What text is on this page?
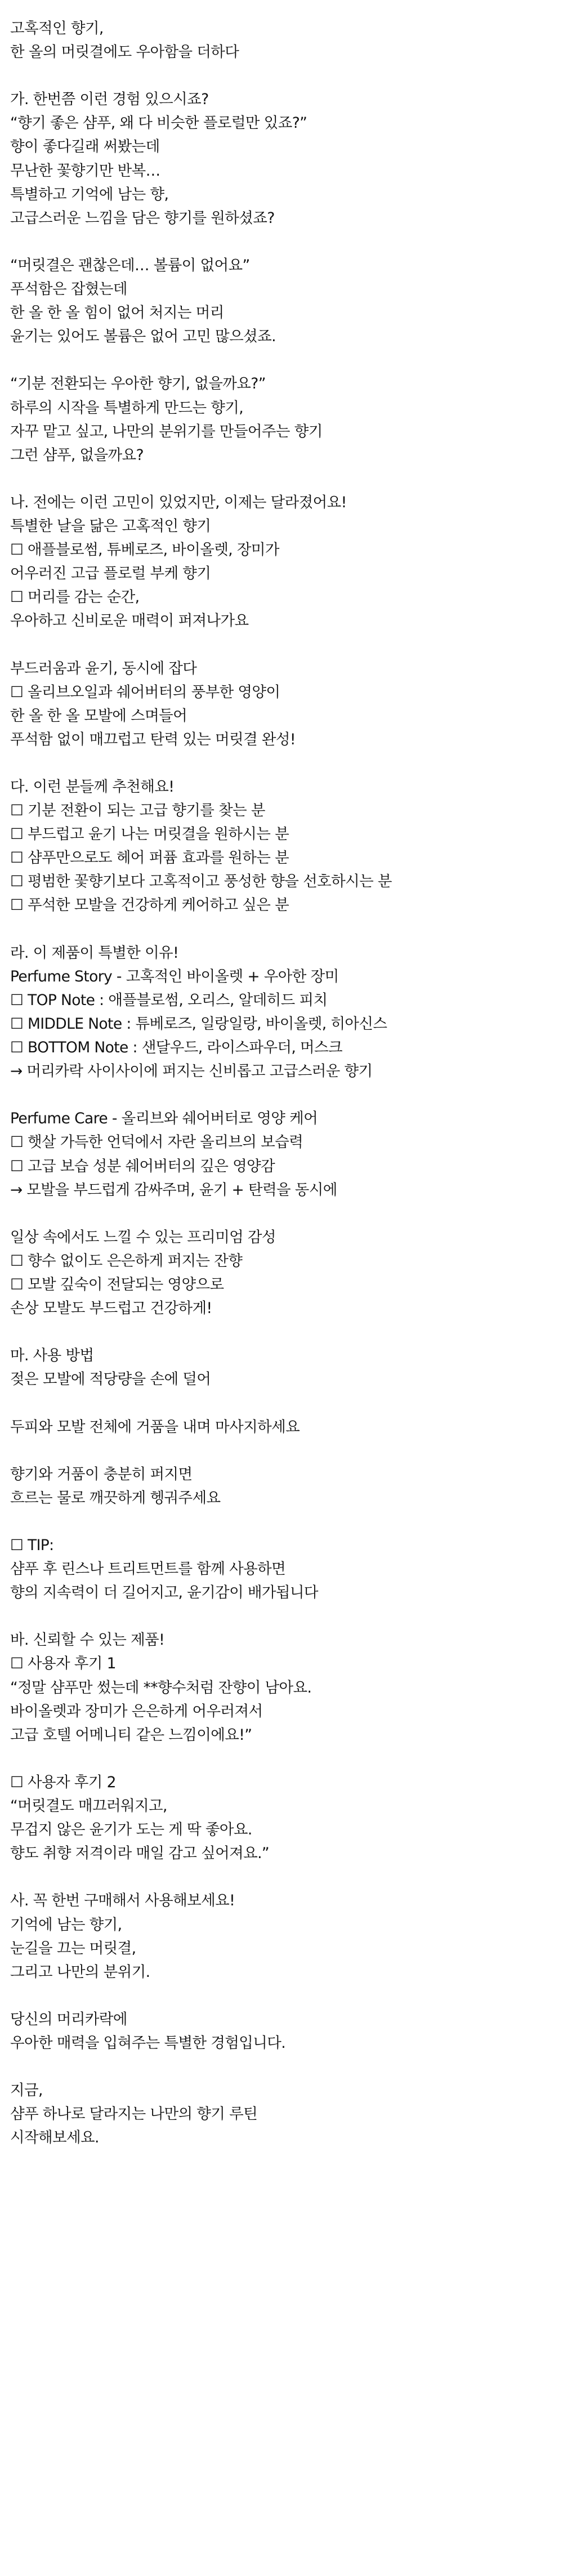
고혹적인 향기,
한 올의 머릿결에도 우아함을 더하다
가. 한번쯤 이런 경험 있으시죠?
“향기 좋은 샴푸, 왜 다 비슷한 플로럴만 있죠?”
향이 좋다길래 써봤는데
무난한 꽃향기만 반복…
특별하고 기억에 남는 향,
고급스러운 느낌을 담은 향기를 원하셨죠?
“머릿결은 괜찮은데… 볼륨이 없어요”
푸석함은 잡혔는데
한 올 한 올 힘이 없어 처지는 머리
윤기는 있어도 볼륨은 없어 고민 많으셨죠.
“기분 전환되는 우아한 향기, 없을까요?”
하루의 시작을 특별하게 만드는 향기,
자꾸 맡고 싶고, 나만의 분위기를 만들어주는 향기
그런 샴푸, 없을까요?
나. 전에는 이런 고민이 있었지만, 이제는 달라졌어요!
특별한 날을 닮은 고혹적인 향기
☐ 애플블로썸, 튜베로즈, 바이올렛, 장미가
어우러진 고급 플로럴 부케 향기
☐ 머리를 감는 순간,
우아하고 신비로운 매력이 퍼져나가요
부드러움과 윤기, 동시에 잡다
☐ 올리브오일과 쉐어버터의 풍부한 영양이
한 올 한 올 모발에 스며들어
푸석함 없이 매끄럽고 탄력 있는 머릿결 완성!
다. 이런 분들께 추천해요!
☐ 기분 전환이 되는 고급 향기를 찾는 분
☐ 부드럽고 윤기 나는 머릿결을 원하시는 분
☐ 샴푸만으로도 헤어 퍼퓸 효과를 원하는 분
☐ 평범한 꽃향기보다 고혹적이고 풍성한 향을 선호하시는 분
☐ 푸석한 모발을 건강하게 케어하고 싶은 분
라. 이 제품이 특별한 이유!
Perfume Story - 고혹적인 바이올렛 + 우아한 장미
☐ TOP Note : 애플블로썸, 오리스, 알데히드 피치
☐ MIDDLE Note : 튜베로즈, 일랑일랑, 바이올렛, 히아신스
☐ BOTTOM Note : 샌달우드, 라이스파우더, 머스크
→ 머리카락 사이사이에 퍼지는 신비롭고 고급스러운 향기
Perfume Care - 올리브와 쉐어버터로 영양 케어
☐ 햇살 가득한 언덕에서 자란 올리브의 보습력
☐ 고급 보습 성분 쉐어버터의 깊은 영양감
→ 모발을 부드럽게 감싸주며, 윤기 + 탄력을 동시에
일상 속에서도 느낄 수 있는 프리미엄 감성
☐ 향수 없이도 은은하게 퍼지는 잔향
☐ 모발 깊숙이 전달되는 영양으로
손상 모발도 부드럽고 건강하게!
마. 사용 방법
젖은 모발에 적당량을 손에 덜어
두피와 모발 전체에 거품을 내며 마사지하세요
향기와 거품이 충분히 퍼지면
흐르는 물로 깨끗하게 헹궈주세요
☐ TIP:
샴푸 후 린스나 트리트먼트를 함께 사용하면
향의 지속력이 더 길어지고, 윤기감이 배가됩니다
바. 신뢰할 수 있는 제품!
☐ 사용자 후기 1
“정말 샴푸만 썼는데 **향수처럼 잔향이 남아요.
바이올렛과 장미가 은은하게 어우러져서
고급 호텔 어메니티 같은 느낌이에요!”
☐ 사용자 후기 2
“머릿결도 매끄러워지고,
무겁지 않은 윤기가 도는 게 딱 좋아요.
향도 취향 저격이라 매일 감고 싶어져요.”
사. 꼭 한번 구매해서 사용해보세요!
기억에 남는 향기,
눈길을 끄는 머릿결,
그리고 나만의 분위기.
당신의 머리카락에
우아한 매력을 입혀주는 특별한 경험입니다.
지금,
샴푸 하나로 달라지는 나만의 향기 루틴
시작해보세요.
